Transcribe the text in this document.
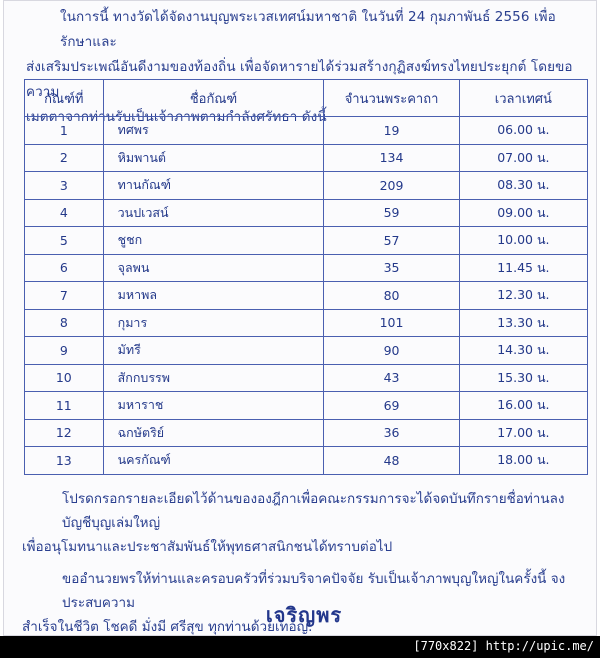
ในการนี้ ทางวัดได้จัดงานบุญพระเวสเทศน์มหาชาติ ในวันที่ 24 กุมภาพันธ์ 2556 เพื่อรักษาและ

ส่งเสริมประเพณีอันดีงามของท้องถิ่น เพื่อจัดหารายได้ร่วมสร้างกุฏิสงฆ์ทรงไทยประยุกต์ โดยขอความ

เมตตาจากท่านรับเป็นเจ้าภาพตามกำลังศรัทธา ดังนี้

กัณฑ์ที่	ชื่อกัณฑ์	จำนวนพระคาถา	เวลาเทศน์
1	ทศพร	19	06.00 น.
2	หิมพานต์	134	07.00 น.
3	ทานกัณฑ์	209	08.30 น.
4	วนปเวสน์	59	09.00 น.
5	ชูชก	57	10.00 น.
6	จุลพน	35	11.45 น.
7	มหาพล	80	12.30 น.
8	กุมาร	101	13.30 น.
9	มัทรี	90	14.30 น.
10	สักกบรรพ	43	15.30 น.
11	มหาราช	69	16.00 น.
12	ฉกษัตริย์	36	17.00 น.
13	นครกัณฑ์	48	18.00 น.

โปรดกรอกรายละเอียดไว้ด้านขององฎีกาเพื่อคณะกรรมการจะได้จดบันทึกรายชื่อท่านลงบัญชีบุญเล่มใหญ่

เพื่ออนุโมทนาและประชาสัมพันธ์ให้พุทธศาสนิกชนได้ทราบต่อไป

ขออำนวยพรให้ท่านและครอบครัวที่ร่วมบริจาคปัจจัย รับเป็นเจ้าภาพบุญใหญ่ในครั้งนี้ จงประสบความ

สำเร็จในชีวิต โชคดี มั่งมี ศรีสุข ทุกท่านด้วยเทอญ.

เจริญพร
[770x822] http://upic.me/
